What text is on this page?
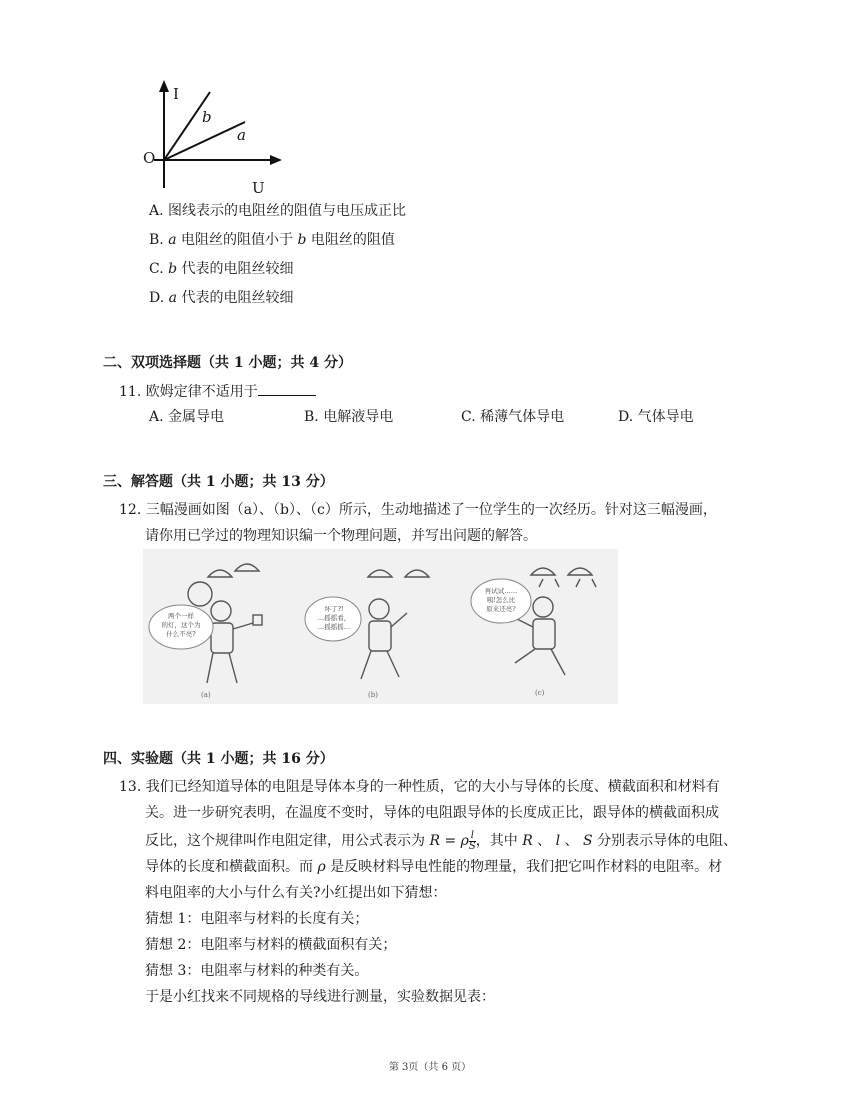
I
U
O
b
a
A. 图线表示的电阻丝的阻值与电压成正比
B. a 电阻丝的阻值小于 b 电阻丝的阻值
C. b 代表的电阻丝较细
D. a 代表的电阻丝较细
二、双项选择题（共 1 小题；共 4 分）
11. 欧姆定律不适用于
A. 金属导电	B. 电解液导电	C. 稀薄气体导电	D. 气体导电
三、解答题（共 1 小题；共 13 分）
12. 三幅漫画如图（a）、（b）、（c）所示，生动地描述了一位学生的一次经历。针对这三幅漫画，
请你用已学过的物理知识编一个物理问题，并写出问题的解答。
两个一样
的灯，这个为
什么不亮?
坏了?!
…摇摇看，
…摇摇摇…
再试试……
咦!怎么比
原来还亮?
(a)	(b)	(c)
四、实验题（共 1 小题；共 16 分）
13. 我们已经知道导体的电阻是导体本身的一种性质，它的大小与导体的长度、横截面积和材料有
关。进一步研究表明，在温度不变时，导体的电阻跟导体的长度成正比，跟导体的横截面积成
反比，这个规律叫作电阻定律，用公式表示为 R = ρ $\frac{l}{S}$ ，其中 R 、 l 、 S 分别表示导体的电阻、
导体的长度和横截面积。而 ρ 是反映材料导电性能的物理量，我们把它叫作材料的电阻率。材
料电阻率的大小与什么有关?小红提出如下猜想：
猜想 1：电阻率与材料的长度有关；
猜想 2：电阻率与材料的横截面积有关；
猜想 3：电阻率与材料的种类有关。
于是小红找来不同规格的导线进行测量，实验数据见表：
第 3页（共 6 页）
